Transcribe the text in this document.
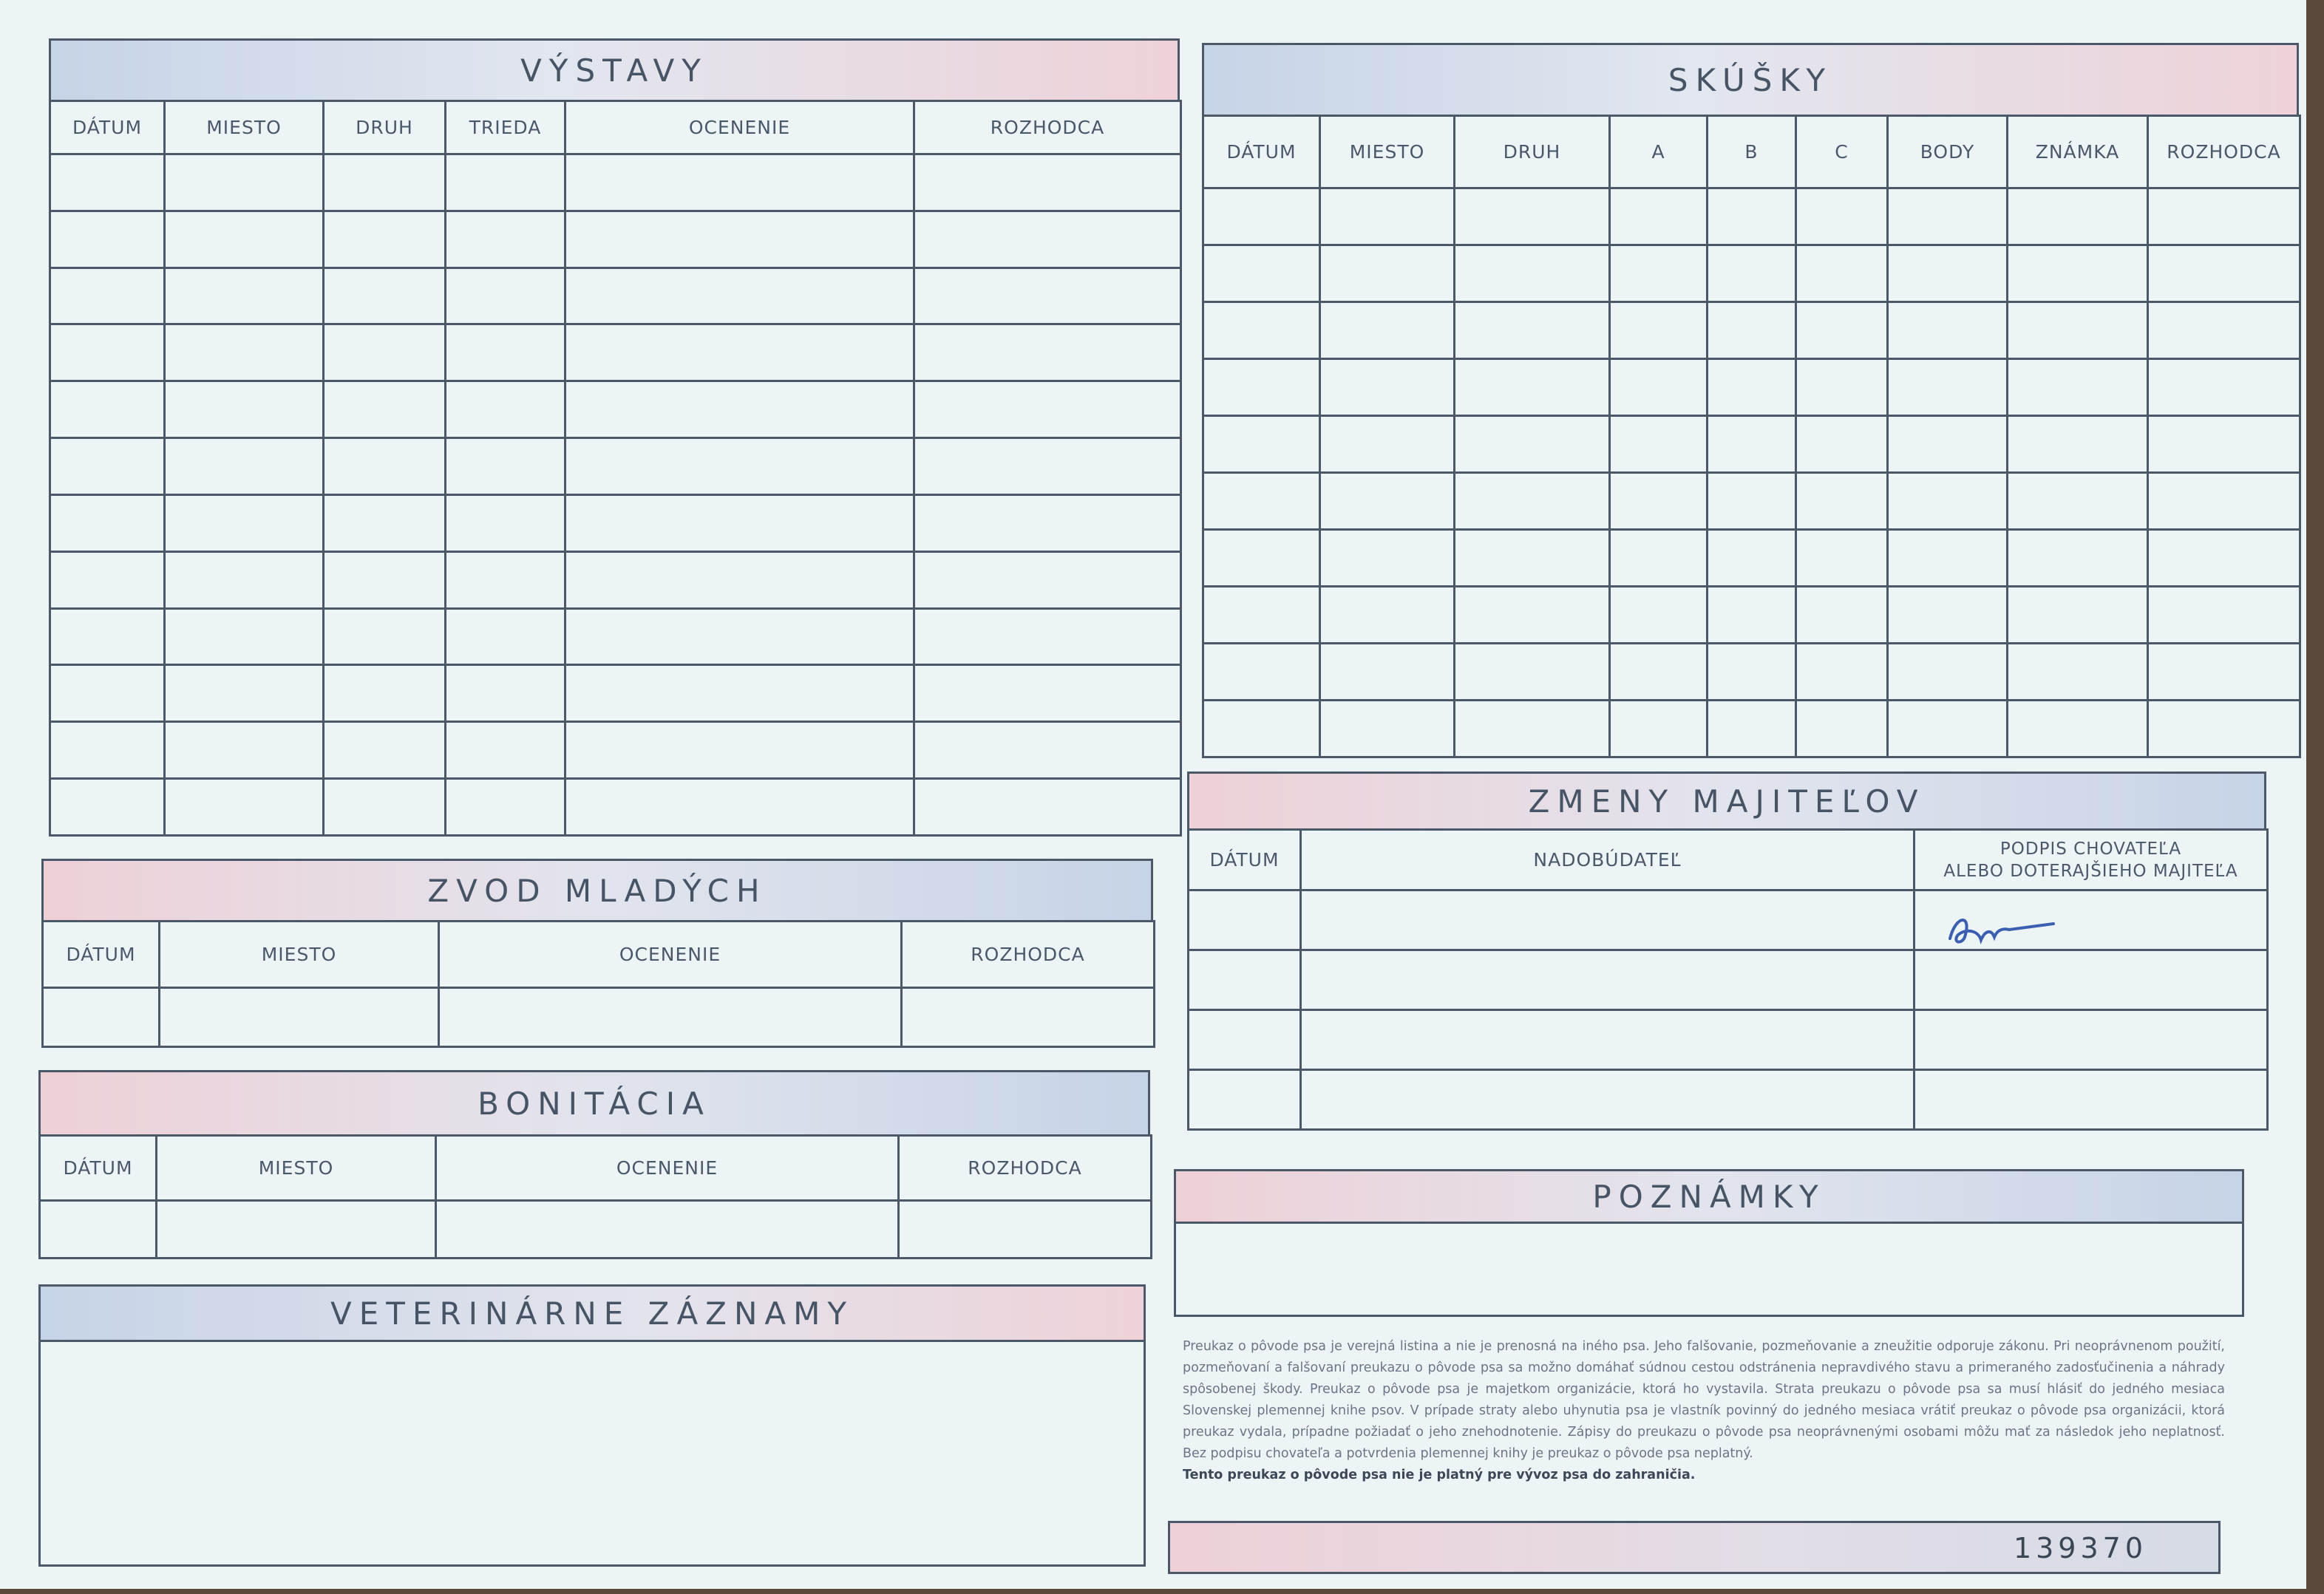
VÝSTAVY
DÁTUM	MIESTO	DRUH	TRIEDA	OCENENIE	ROZHODCA

SKÚŠKY
DÁTUM	MIESTO	DRUH	A	B	C	BODY	ZNÁMKA	ROZHODCA

ZVOD MLADÝCH
DÁTUM	MIESTO	OCENENIE	ROZHODCA

BONITÁCIA
DÁTUM	MIESTO	OCENENIE	ROZHODCA

ZMENY MAJITEĽOV
DÁTUM	NADOBÚDATEĽ	PODPIS CHOVATEĽA
ALEBO DOTERAJŠIEHO MAJITEĽA

POZNÁMKY
VETERINÁRNE ZÁZNAMY
Preukaz o pôvode psa je verejná listina a nie je prenosná na iného psa. Jeho falšovanie, pozmeňovanie a zneužitie odporuje zákonu. Pri neoprávnenom použití, pozmeňovaní a falšovaní preukazu o pôvode psa sa možno domáhať súdnou cestou odstránenia nepravdivého stavu a primeraného zadosťučinenia a náhrady spôsobenej škody. Preukaz o pôvode psa je majetkom organizácie, ktorá ho vystavila. Strata preukazu o pôvode psa sa musí hlásiť do jedného mesiaca Slovenskej plemennej knihe psov. V prípade straty alebo uhynutia psa je vlastník povinný do jedného mesiaca vrátiť preukaz o pôvode psa organizácii, ktorá preukaz vydala, prípadne požiadať o jeho znehodnotenie. Zápisy do preukazu o pôvode psa neoprávnenými osobami môžu mať za následok jeho neplatnosť. Bez podpisu chovateľa a potvrdenia plemennej knihy je preukaz o pôvode psa neplatný.
Tento preukaz o pôvode psa nie je platný pre vývoz psa do zahraničia.
139370
